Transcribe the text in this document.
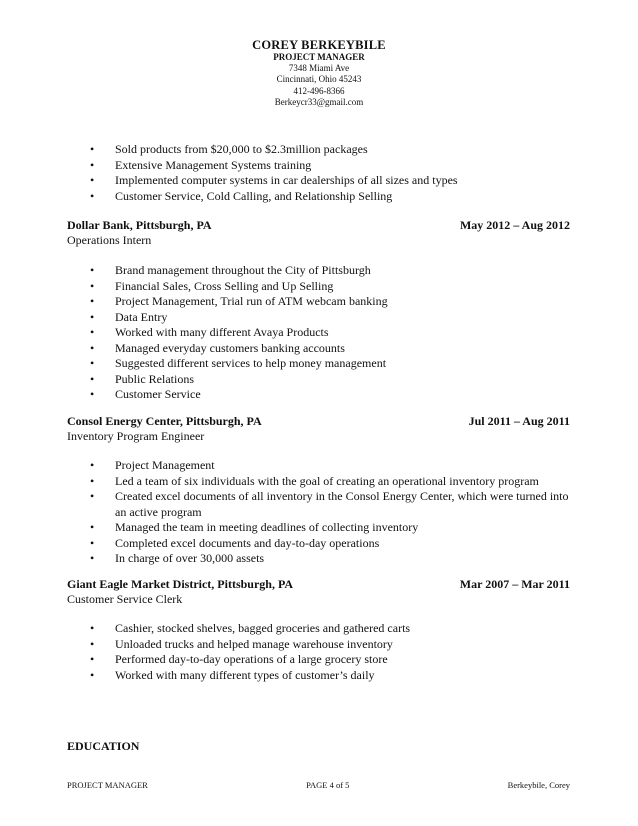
COREY BERKEYBILE
PROJECT MANAGER
7348 Miami Ave
Cincinnati, Ohio 45243
412-496-8366
Berkeycr33@gmail.com
Sold products from $20,000 to $2.3million packages
Extensive Management Systems training
Implemented computer systems in car dealerships of all sizes and types
Customer Service, Cold Calling, and Relationship Selling
Dollar Bank, Pittsburgh, PA	May 2012 – Aug 2012
Operations Intern
Brand management throughout the City of Pittsburgh
Financial Sales, Cross Selling and Up Selling
Project Management, Trial run of ATM webcam banking
Data Entry
Worked with many different Avaya Products
Managed everyday customers banking accounts
Suggested different services to help money management
Public Relations
Customer Service
Consol Energy Center, Pittsburgh, PA	Jul 2011 – Aug 2011
Inventory Program Engineer
Project Management
Led a team of six individuals with the goal of creating an operational inventory program
Created excel documents of all inventory in the Consol Energy Center, which were turned into an active program
Managed the team in meeting deadlines of collecting inventory
Completed excel documents and day-to-day operations
In charge of over 30,000 assets
Giant Eagle Market District, Pittsburgh, PA	Mar 2007 – Mar 2011
Customer Service Clerk
Cashier, stocked shelves, bagged groceries and gathered carts
Unloaded trucks and helped manage warehouse inventory
Performed day-to-day operations of a large grocery store
Worked with many different types of customer’s daily
EDUCATION
PROJECT MANAGER	PAGE 4 of 5	Berkeybile, Corey
